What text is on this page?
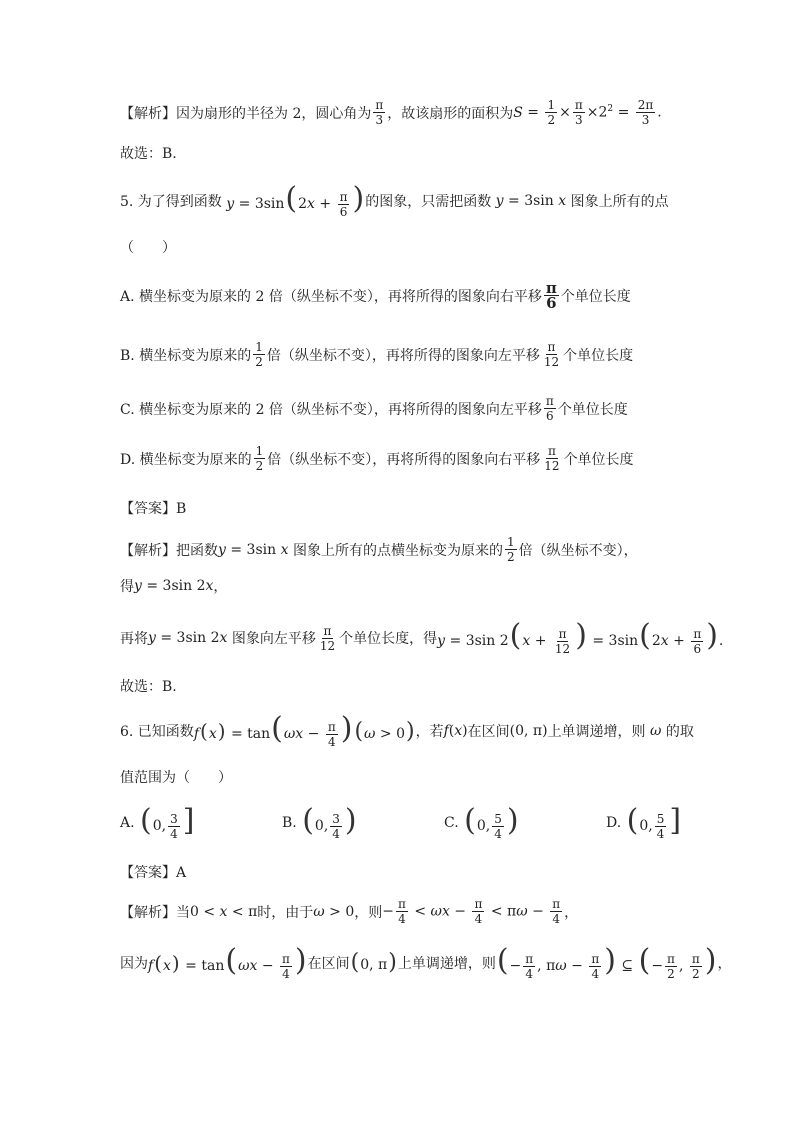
【解析】因为扇形的半径为 2，圆心角为 $\frac{\pi}{3}$ ，故该扇形的面积为 $S = \frac{1}{2} \times \frac{\pi}{3} \times 2^2 = \frac{2\pi}{3}$ .
故选：B.
5. 为了得到函数 $y = 3\sin(2x + \frac{\pi}{6}$ ) 的图象，只需把函数 y = 3sin x 图象上所有的点
（　　）
A. 横坐标变为原来的 2 倍（纵坐标不变），再将所得的图象向右平移 $\frac{\pi}{6}$ 个单位长度
B. 横坐标变为原来的 $\frac{1}{2}$ 倍（纵坐标不变），再将所得的图象向左平移 $\frac{\pi}{12}$ 个单位长度
C. 横坐标变为原来的 2 倍（纵坐标不变），再将所得的图象向左平移 $\frac{\pi}{6}$ 个单位长度
D. 横坐标变为原来的 $\frac{1}{2}$ 倍（纵坐标不变），再将所得的图象向右平移 $\frac{\pi}{12}$ 个单位长度
【答案】B
【解析】把函数 y = 3sin x 图象上所有的点横坐标变为原来的 $\frac{1}{2}$ 倍（纵坐标不变），
得 y = 3sin 2x ，
再将 y = 3sin 2x 图象向左平移 $\frac{\pi}{12}$ 个单位长度，得 y = 3sin $2(x + \frac{\pi}{12}$ ) = $3\sin(2x + \frac{\pi}{6}$ ).
故选：B.
6. 已知函数 $f(x) = \tan(\omega x - \frac{\pi}{4} )(\omega > 0)$ ，若 f(x) 在区间 (0, π) 上单调递增，则 ω 的取
值范围为（　　）
A. (0, $\frac{3}{4}$ ]	B. (0, $\frac{3}{4}$ )	C. (0, $\frac{5}{4}$ )	D. (0, $\frac{5}{4}$ ]
【答案】A
【解析】当 0 < x < π 时，由于 ω > 0 ，则 − $\frac{\pi}{4} < \omega x - \frac{\pi}{4} < \pi\omega - \frac{\pi}{4}$ ，
因为 $f(x) = \tan(\omega x - \frac{\pi}{4}$ ) 在区间 (0, π) 上单调递增，则 (− $\frac{\pi}{4}$ , $\pi\omega - \frac{\pi}{4}$ ) ⊆ (− $\frac{\pi}{2}$ , $\frac{\pi}{2}$ ) ，
